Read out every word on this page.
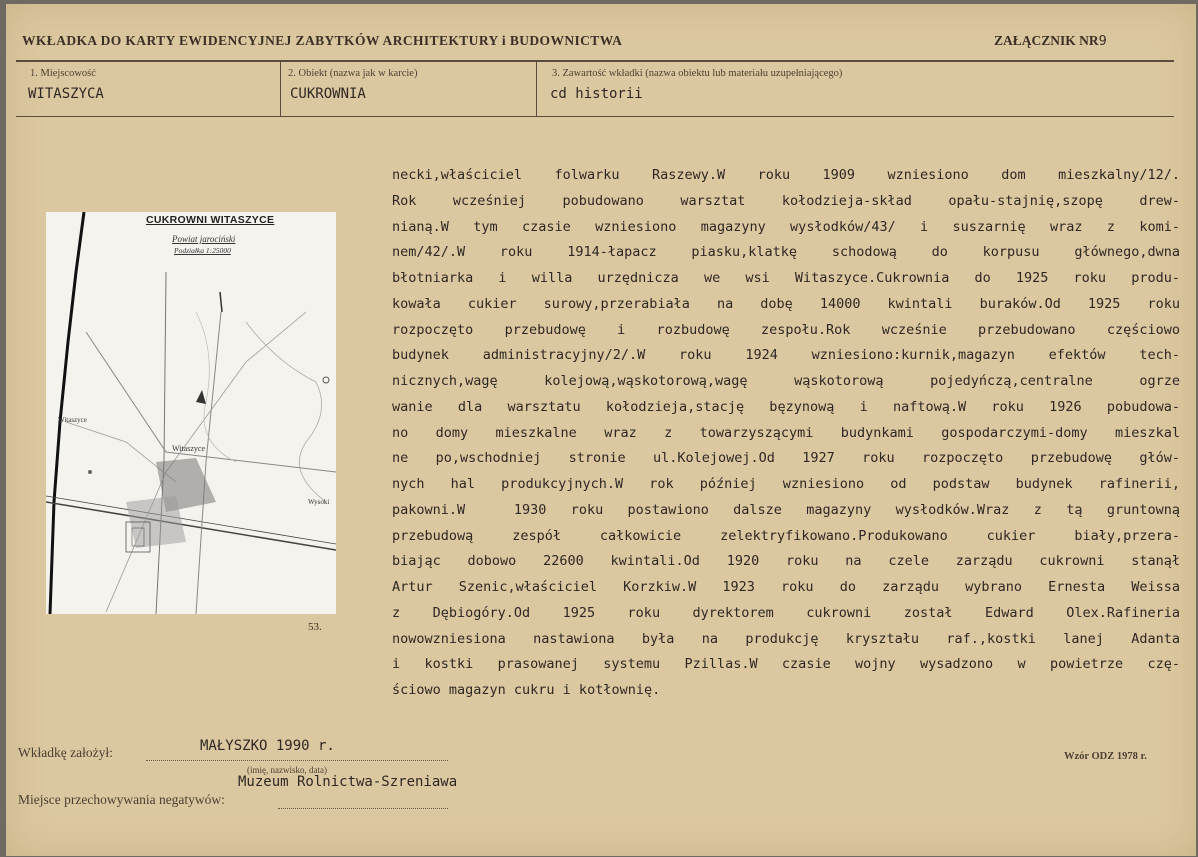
WKŁADKA DO KARTY EWIDENCYJNEJ ZABYTKÓW ARCHITEKTURY i BUDOWNICTWA	ZAŁĄCZNIK NR9
1. Miejscowość	2. Obiekt (nazwa jak w karcie)	3. Zawartość wkładki (nazwa obiektu lub materiału uzupełniającego)
WITASZYCA	CUKROWNIA	cd historii
CUKROWNI WITASZYCE
Powiat jarociński
Podziałka 1:25000
Witaszyce
Witaszyce
Wysoki
53.
necki,właściciel folwarku Raszewy.W roku 1909 wzniesiono dom mieszkalny/12/.
Rok wcześniej pobudowano warsztat kołodzieja-skład opału-stajnię,szopę drew-
nianą.W tym czasie wzniesiono magazyny wysłodków/43/ i suszarnię wraz z komi-
nem/42/.W roku 1914-łapacz piasku,klatkę schodową do korpusu głównego,dwna
błotniarka i willa urzędnicza we wsi Witaszyce.Cukrownia do 1925 roku produ-
kowała cukier surowy,przerabiała na dobę 14000 kwintali buraków.Od 1925 roku
rozpoczęto przebudowę i rozbudowę zespołu.Rok wcześnie przebudowano częściowo
budynek administracyjny/2/.W roku 1924 wzniesiono:kurnik,magazyn efektów tech-
nicznych,wagę kolejową,wąskotorową,wagę wąskotorową pojedyńczą,centralne ogrze
wanie dla warsztatu kołodzieja,stację bęzynową i naftową.W roku 1926 pobudowa-
no domy mieszkalne wraz z towarzyszącymi budynkami gospodarczymi-domy mieszkal
ne po,wschodniej stronie ul.Kolejowej.Od 1927 roku rozpoczęto przebudowę głów-
nych hal produkcyjnych.W rok później wzniesiono od podstaw budynek rafinerii,
pakowni.W  1930 roku postawiono dalsze magazyny wysłodków.Wraz z tą gruntowną
przebudową zespół całkowicie zelektryfikowano.Produkowano cukier biały,przera-
biając dobowo 22600 kwintali.Od 1920 roku na czele zarządu cukrowni stanął
Artur Szenic,właściciel Korzkiw.W 1923 roku do zarządu wybrano Ernesta Weissa
z Dębiogóry.Od 1925 roku dyrektorem cukrowni został Edward Olex.Rafineria
nowowzniesiona nastawiona była na produkcję kryształu raf.,kostki lanej Adanta
i kostki prasowanej systemu Pzillas.W czasie wojny wysadzono w powietrze czę-
ściowo magazyn cukru i kotłownię.
Wkładkę założył:	MAŁYSZKO 1990 r.
(imię, nazwisko, data)
Muzeum Rolnictwa-Szreniawa
Miejsce przechowywania negatywów:
Wzór ODZ 1978 r.
